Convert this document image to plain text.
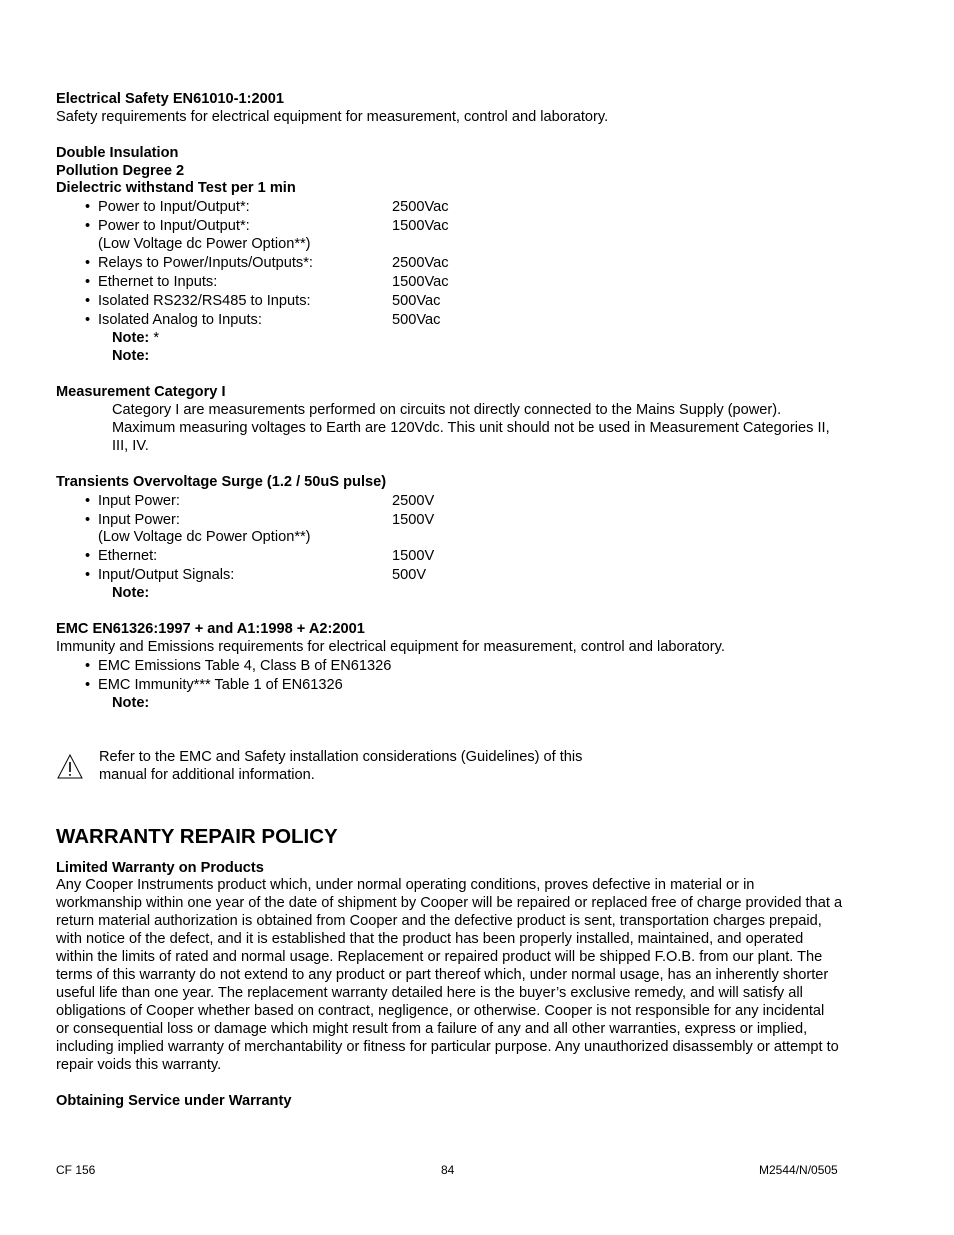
Electrical Safety EN61010-1:2001
Safety requirements for electrical equipment for measurement, control and laboratory.
Double Insulation
Pollution Degree 2
Dielectric withstand Test per 1 min
• Power to Input/Output*:	2500Vac
• Power to Input/Output*:	1500Vac
(Low Voltage dc Power Option**)
• Relays to Power/Inputs/Outputs*:	2500Vac
• Ethernet to Inputs:	1500Vac
• Isolated RS232/RS485 to Inputs:	500Vac
• Isolated Analog to Inputs:	500Vac
Note: *
Note:
Measurement Category I
Category I are measurements performed on circuits not directly connected to the Mains Supply (power).
Maximum measuring voltages to Earth are 120Vdc. This unit should not be used in Measurement Categories II,
III, IV.
Transients Overvoltage Surge (1.2 / 50uS pulse)
• Input Power:	2500V
• Input Power:	1500V
(Low Voltage dc Power Option**)
• Ethernet:	1500V
• Input/Output Signals:	500V
Note:
EMC EN61326:1997 + and A1:1998 + A2:2001
Immunity and Emissions requirements for electrical equipment for measurement, control and laboratory.
• EMC Emissions Table 4, Class B of EN61326
• EMC Immunity*** Table 1 of EN61326
Note:
Refer to the EMC and Safety installation considerations (Guidelines) of this
manual for additional information.
WARRANTY REPAIR POLICY
Limited Warranty on Products
Any Cooper Instruments product which, under normal operating conditions, proves defective in material or in
workmanship within one year of the date of shipment by Cooper will be repaired or replaced free of charge provided that a
return material authorization is obtained from Cooper and the defective product is sent, transportation charges prepaid,
with notice of the defect, and it is established that the product has been properly installed, maintained, and operated
within the limits of rated and normal usage. Replacement or repaired product will be shipped F.O.B. from our plant. The
terms of this warranty do not extend to any product or part thereof which, under normal usage, has an inherently shorter
useful life than one year. The replacement warranty detailed here is the buyer’s exclusive remedy, and will satisfy all
obligations of Cooper whether based on contract, negligence, or otherwise. Cooper is not responsible for any incidental
or consequential loss or damage which might result from a failure of any and all other warranties, express or implied,
including implied warranty of merchantability or fitness for particular purpose. Any unauthorized disassembly or attempt to
repair voids this warranty.
Obtaining Service under Warranty
CF 156	84	M2544/N/0505
